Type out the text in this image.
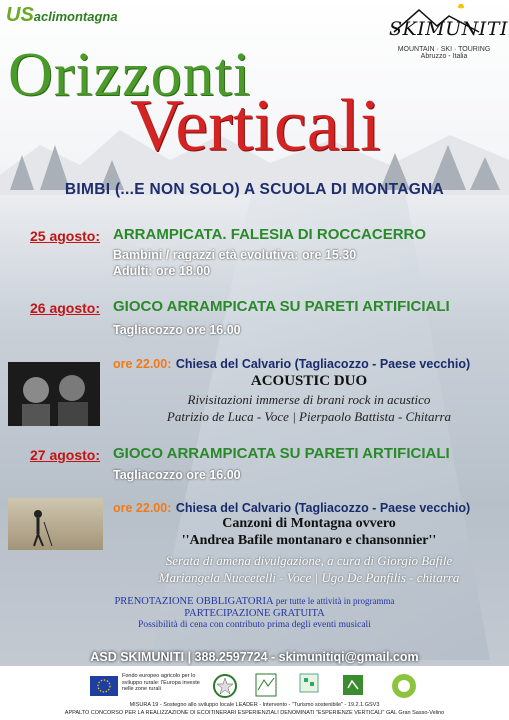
USaclimontagna
SKIMUNITI
MOUNTAIN · SKI · TOURING
Abruzzo - Italia
Orizzonti
Verticali
BIMBI (...E NON SOLO) A SCUOLA DI MONTAGNA
25 agosto: ARRAMPICATA. FALESIA DI ROCCACERRO
Bambini / ragazzi età evolutiva: ore 15.30
Adulti: ore 18.00
26 agosto: GIOCO ARRAMPICATA SU PARETI ARTIFICIALI
Tagliacozzo ore 16.00
ore 22.00: Chiesa del Calvario (Tagliacozzo - Paese vecchio)
ACOUSTIC DUO
Rivisitazioni immerse di brani rock in acustico
Patrizio de Luca - Voce | Pierpaolo Battista - Chitarra
27 agosto: GIOCO ARRAMPICATA SU PARETI ARTIFICIALI
Tagliacozzo ore 16.00
ore 22.00: Chiesa del Calvario (Tagliacozzo - Paese vecchio)
Canzoni di Montagna ovvero
''Andrea Bafile montanaro e chansonnier''
Serata di amena divulgazione, a cura di Giorgio Bafile
Mariangela Nuccetelli - Voce | Ugo De Panfilis - chitarra
PRENOTAZIONE OBBLIGATORIA per tutte le attività in programma
PARTECIPAZIONE GRATUITA
Possibilità di cena con contributo prima degli eventi musicali
ASD SKIMUNITI | 388.2597724 - skimunitiqi@gmail.com
Fondo europeo agricolo per lo sviluppo rurale: l'Europa investe nelle zone rurali
MISURA 19 - Sostegno allo sviluppo locale LEADER - Intervento - "Turismo sostenibile" - 19.2.1.GSV3
APPALTO CONCORSO PER LA REALIZZAZIONE DI ECOITINERARI ESPERIENZIALI DENOMINATI "ESPERIENZE VERTICALI" GAL Gran Sasso-Velino
